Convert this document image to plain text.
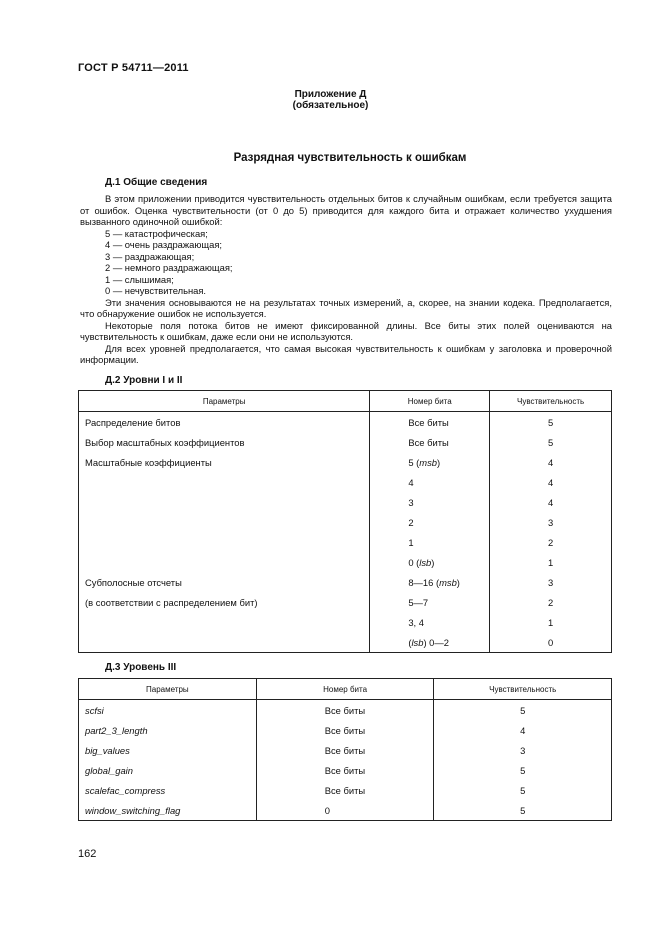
ГОСТ Р 54711—2011
Приложение Д
(обязательное)
Разрядная чувствительность к ошибкам
Д.1 Общие сведения

В этом приложении приводится чувствительность отдельных битов к случайным ошибкам, если требуется защита от ошибок. Оценка чувствительности (от 0 до 5) приводится для каждого бита и отражает количество ухудшения вызванного одиночной ошибкой:

5 — катастрофическая;

4 — очень раздражающая;

3 — раздражающая;

2 — немного раздражающая;

1 — слышимая;

0 — нечувствительная.

Эти значения основываются не на результатах точных измерений, а, скорее, на знании кодека. Предполагается, что обнаружение ошибок не используется.

Некоторые поля потока битов не имеют фиксированной длины. Все биты этих полей оцениваются на чувствительность к ошибкам, даже если они не используются.

Для всех уровней предполагается, что самая высокая чувствительность к ошибкам у заголовка и проверочной информации.

Д.2 Уровни I и II
Параметры	Номер бита	Чувствительность
Распределение битов	Все биты	5
Выбор масштабных коэффициентов	Все биты	5
Масштабные коэффициенты	5 (msb)	4
	4	4
	3	4
	2	3
	1	2
	0 (lsb)	1
Субполосные отсчеты	8—16 (msb)	3
(в соответствии с распределением бит)	5—7	2
	3, 4	1
	(lsb) 0—2	0
Д.3 Уровень III
Параметры	Номер бита	Чувствительность
scfsi	Все биты	5
part2_3_length	Все биты	4
big_values	Все биты	3
global_gain	Все биты	5
scalefac_compress	Все биты	5
window_switching_flag	0	5
162
